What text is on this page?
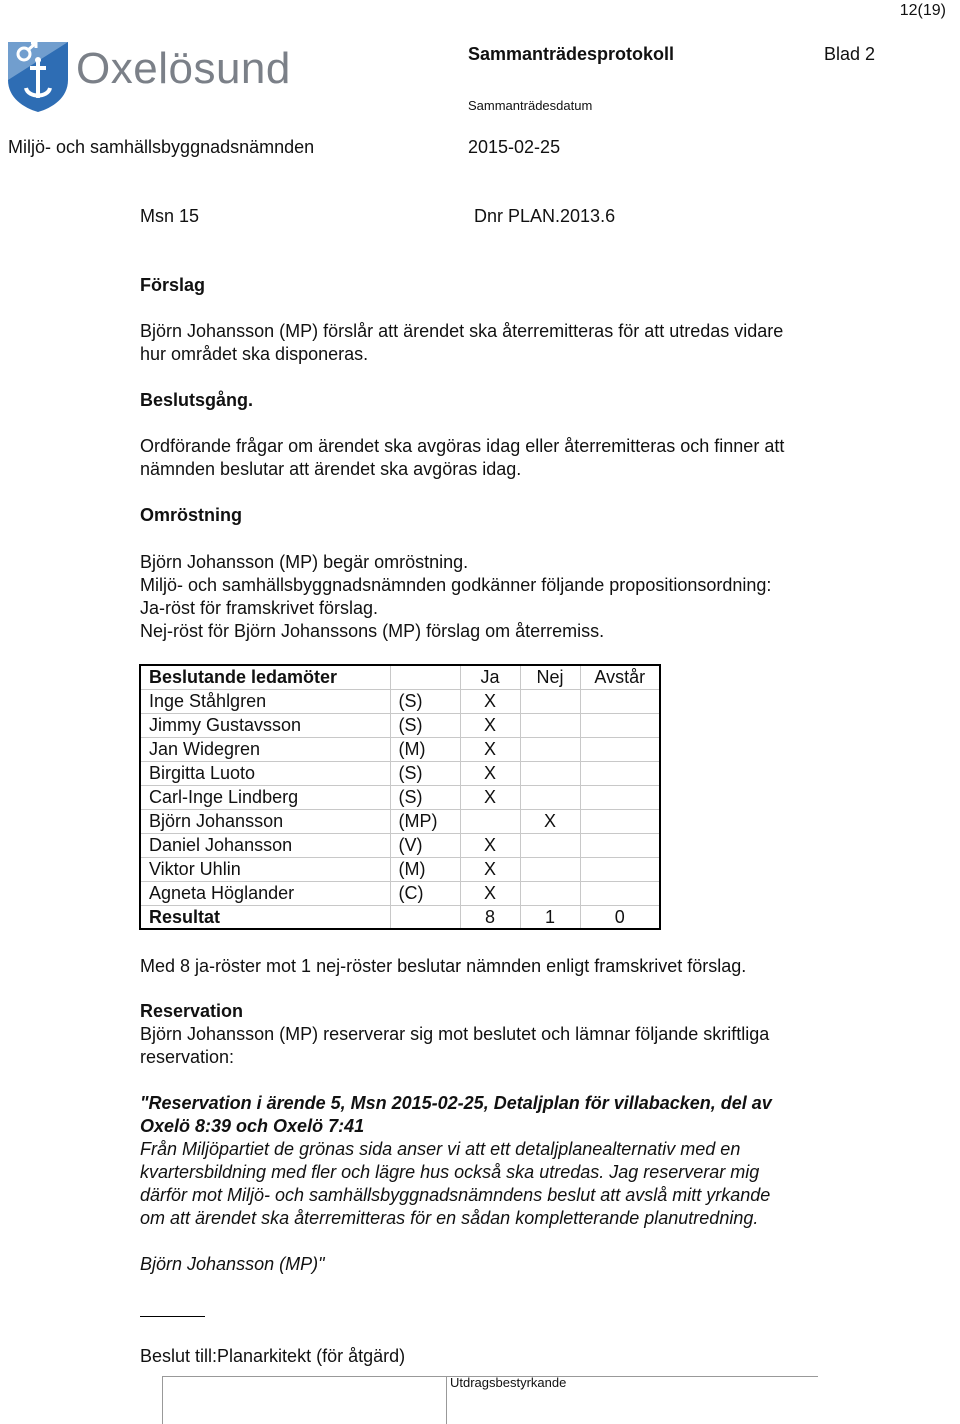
12(19)
Oxelösund	Sammanträdesprotokoll	Blad 2
Sammanträdesdatum
Miljö- och samhällsbyggnadsnämnden	2015-02-25
Msn 15	Dnr PLAN.2013.6
Förslag
Björn Johansson (MP) förslår att ärendet ska återremitteras för att utredas vidare
hur området ska disponeras.
Beslutsgång.
Ordförande frågar om ärendet ska avgöras idag eller återremitteras och finner att
nämnden beslutar att ärendet ska avgöras idag.
Omröstning
Björn Johansson (MP) begär omröstning.
Miljö- och samhällsbyggnadsnämnden godkänner följande propositionsordning:
Ja-röst för framskrivet förslag.
Nej-röst för Björn Johanssons (MP) förslag om återremiss.
Beslutande ledamöter		Ja	Nej	Avstår
Inge Ståhlgren	(S)	X		
Jimmy Gustavsson	(S)	X		
Jan Widegren	(M)	X		
Birgitta Luoto	(S)	X		
Carl-Inge Lindberg	(S)	X		
Björn Johansson	(MP)		X	
Daniel Johansson	(V)	X		
Viktor Uhlin	(M)	X		
Agneta Höglander	(C)	X		
Resultat		8	1	0
Med 8 ja-röster mot 1 nej-röster beslutar nämnden enligt framskrivet förslag.
Reservation
Björn Johansson (MP) reserverar sig mot beslutet och lämnar följande skriftliga
reservation:
"Reservation i ärende 5, Msn 2015-02-25, Detaljplan för villabacken, del av
Oxelö 8:39 och Oxelö 7:41
Från Miljöpartiet de grönas sida anser vi att ett detaljplanealternativ med en
kvartersbildning med fler och lägre hus också ska utredas. Jag reserverar mig
därför mot Miljö- och samhällsbyggnadsnämndens beslut att avslå mitt yrkande
om att ärendet ska återremitteras för en sådan kompletterande planutredning.
Björn Johansson (MP)"
Beslut till:Planarkitekt (för åtgärd)
Utdragsbestyrkande
